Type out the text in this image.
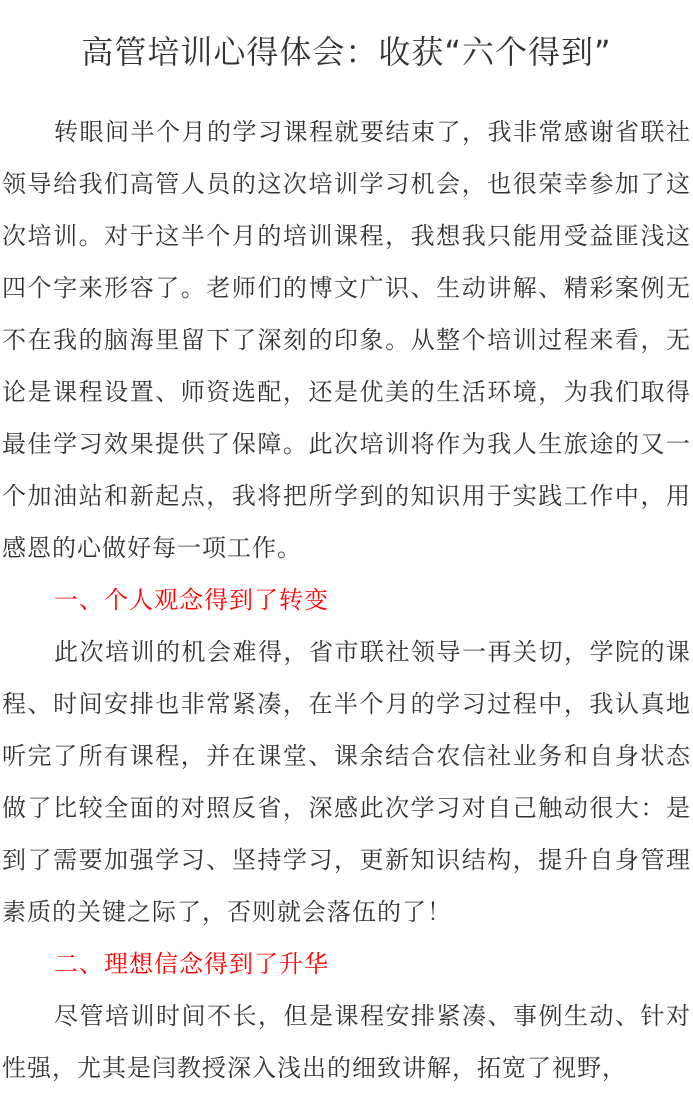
高管培训心得体会：收获“六个得到”

转眼间半个月的学习课程就要结束了，我非常感谢省联社领导给我们高管人员的这次培训学习机会，也很荣幸参加了这次培训。对于这半个月的培训课程，我想我只能用受益匪浅这四个字来形容了。老师们的博文广识、生动讲解、精彩案例无不在我的脑海里留下了深刻的印象。从整个培训过程来看，无论是课程设置、师资选配，还是优美的生活环境，为我们取得最佳学习效果提供了保障。此次培训将作为我人生旅途的又一个加油站和新起点，我将把所学到的知识用于实践工作中，用感恩的心做好每一项工作。

一、个人观念得到了转变

此次培训的机会难得，省市联社领导一再关切，学院的课程、时间安排也非常紧凑，在半个月的学习过程中，我认真地听完了所有课程，并在课堂、课余结合农信社业务和自身状态做了比较全面的对照反省，深感此次学习对自己触动很大：是到了需要加强学习、坚持学习，更新知识结构，提升自身管理素质的关键之际了，否则就会落伍的了！

二、理想信念得到了升华

尽管培训时间不长，但是课程安排紧凑、事例生动、针对性强，尤其是闫教授深入浅出的细致讲解，拓宽了视野，
